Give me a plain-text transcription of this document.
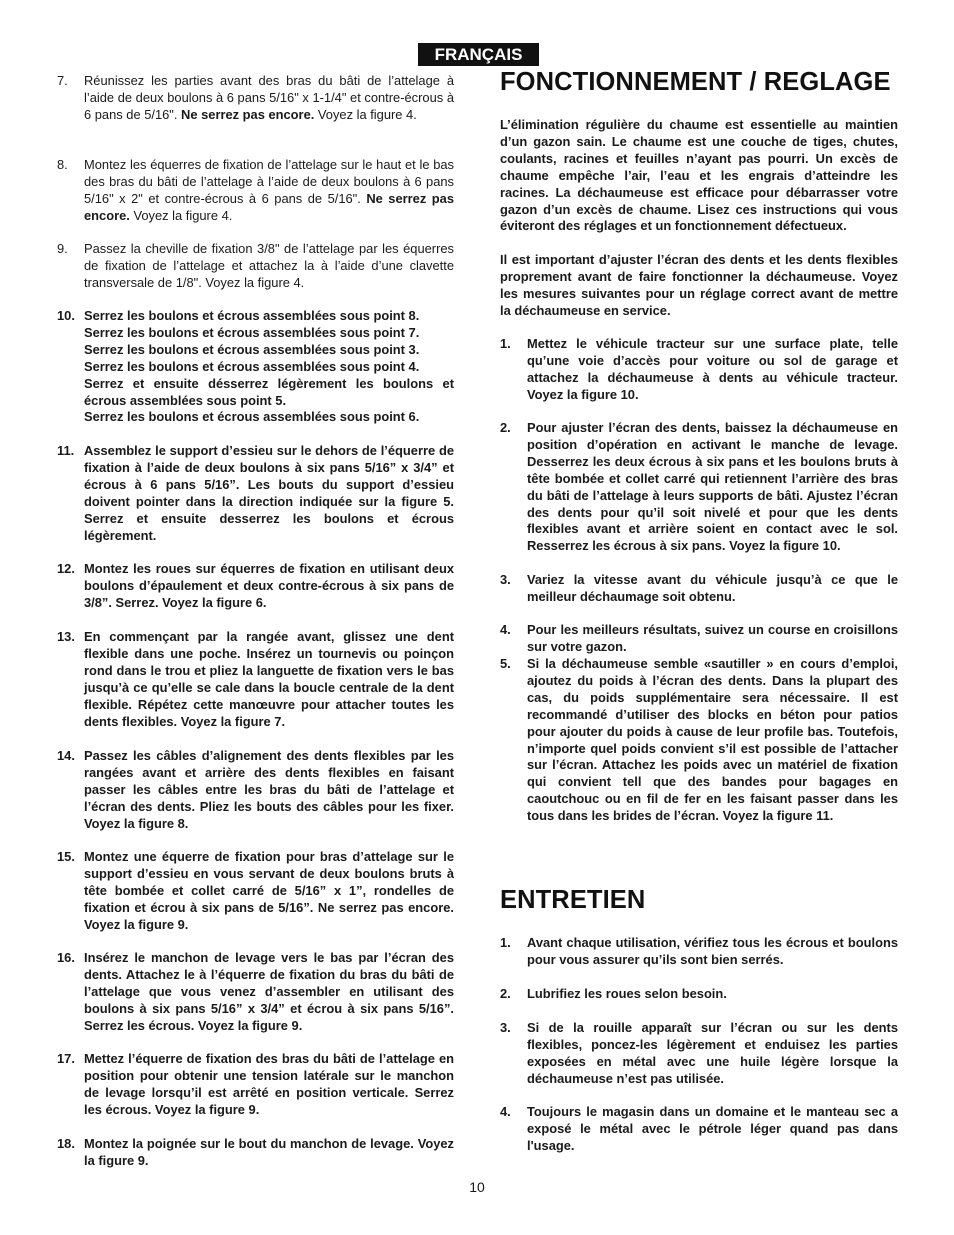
FRANÇAIS
7. Réunissez les parties avant des bras du bâti de l’attelage à l’aide de deux boulons à 6 pans 5/16" x 1-1/4" et contre-écrous à 6 pans de 5/16". Ne serrez pas encore. Voyez la figure 4.
8. Montez les équerres de fixation de l’attelage sur le haut et le bas des bras du bâti de l’attelage à l’aide de deux boulons à 6 pans 5/16" x 2" et contre-écrous à 6 pans de 5/16". Ne serrez pas encore. Voyez la figure 4.
9. Passez la cheville de fixation 3/8" de l’attelage par les équerres de fixation de l’attelage et attachez la à l’aide d’une clavette transversale de 1/8". Voyez la figure 4.
10. Serrez les boulons et écrous assemblées sous point 8.
Serrez les boulons et écrous assemblées sous point 7.
Serrez les boulons et écrous assemblées sous point 3.
Serrez les boulons et écrous assemblées sous point 4.
Serrez et ensuite désserrez légèrement les boulons et écrous assemblées sous point 5.
Serrez les boulons et écrous assemblées sous point 6.
11. Assemblez le support d’essieu sur le dehors de l’équerre de fixation à l’aide de deux boulons à six pans 5/16” x 3/4” et écrous à 6 pans 5/16”. Les bouts du support d’essieu doivent pointer dans la direction indiquée sur la figure 5. Serrez et ensuite desserrez les boulons et écrous légèrement.
12. Montez les roues sur équerres de fixation en utilisant deux boulons d’épaulement et deux contre-écrous à six pans de 3/8”. Serrez. Voyez la figure 6.
13. En commençant par la rangée avant, glissez une dent flexible dans une poche. Insérez un tournevis ou poinçon rond dans le trou et pliez la languette de fixation vers le bas jusqu’à ce qu’elle se cale dans la boucle centrale de la dent flexible. Répétez cette manœuvre pour attacher toutes les dents flexibles. Voyez la figure 7.
14. Passez les câbles d’alignement des dents flexibles par les rangées avant et arrière des dents flexibles en faisant passer les câbles entre les bras du bâti de l’attelage et l’écran des dents. Pliez les bouts des câbles pour les fixer. Voyez la figure 8.
15. Montez une équerre de fixation pour bras d’attelage sur le support d’essieu en vous servant de deux boulons bruts à tête bombée et collet carré de 5/16” x 1”, rondelles de fixation et écrou à six pans de 5/16”. Ne serrez pas encore. Voyez la figure 9.
16. Insérez le manchon de levage vers le bas par l’écran des dents. Attachez le à l’équerre de fixation du bras du bâti de l’attelage que vous venez d’assembler en utilisant des boulons à six pans 5/16” x 3/4” et écrou à six pans 5/16”. Serrez les écrous. Voyez la figure 9.
17. Mettez l’équerre de fixation des bras du bâti de l’attelage en position pour obtenir une tension latérale sur le manchon de levage lorsqu’il est arrêté en position verticale. Serrez les écrous. Voyez la figure 9.
18. Montez la poignée sur le bout du manchon de levage. Voyez la figure 9.
FONCTIONNEMENT / REGLAGE
L’élimination régulière du chaume est essentielle au maintien d’un gazon sain. Le chaume est une couche de tiges, chutes, coulants, racines et feuilles n’ayant pas pourri. Un excès de chaume empêche l’air, l’eau et les engrais d’atteindre les racines. La déchaumeuse est efficace pour débarrasser votre gazon d’un excès de chaume. Lisez ces instructions qui vous éviteront des réglages et un fonctionnement défectueux.
Il est important d’ajuster l’écran des dents et les dents flexibles proprement avant de faire fonctionner la déchaumeuse. Voyez les mesures suivantes pour un réglage correct avant de mettre la déchaumeuse en service.
1. Mettez le véhicule tracteur sur une surface plate, telle qu’une voie d’accès pour voiture ou sol de garage et attachez la déchaumeuse à dents au véhicule tracteur. Voyez la figure 10.
2. Pour ajuster l’écran des dents, baissez la déchaumeuse en position d’opération en activant le manche de levage. Desserrez les deux écrous à six pans et les boulons bruts à tête bombée et collet carré qui retiennent l’arrière des bras du bâti de l’attelage à leurs supports de bâti. Ajustez l’écran des dents pour qu’il soit nivelé et pour que les dents flexibles avant et arrière soient en contact avec le sol. Resserrez les écrous à six pans. Voyez la figure 10.
3. Variez la vitesse avant du véhicule jusqu’à ce que le meilleur déchaumage soit obtenu.
4. Pour les meilleurs résultats, suivez un course en croisillons sur votre gazon.
5. Si la déchaumeuse semble «sautiller » en cours d’emploi, ajoutez du poids à l’écran des dents. Dans la plupart des cas, du poids supplémentaire sera nécessaire. Il est recommandé d’utiliser des blocks en béton pour patios pour ajouter du poids à cause de leur profile bas. Toutefois, n’importe quel poids convient s’il est possible de l’attacher sur l’écran. Attachez les poids avec un matériel de fixation qui convient tell que des bandes pour bagages en caoutchouc ou en fil de fer en les faisant passer dans les tous dans les brides de l’écran. Voyez la figure 11.
ENTRETIEN
1. Avant chaque utilisation, vérifiez tous les écrous et boulons pour vous assurer qu’ils sont bien serrés.
2. Lubrifiez les roues selon besoin.
3. Si de la rouille apparaît sur l’écran ou sur les dents flexibles, poncez-les légèrement et enduisez les parties exposées en métal avec une huile légère lorsque la déchaumeuse n’est pas utilisée.
4. Toujours le magasin dans un domaine et le manteau sec a exposé le métal avec le pétrole léger quand pas dans l'usage.
10
